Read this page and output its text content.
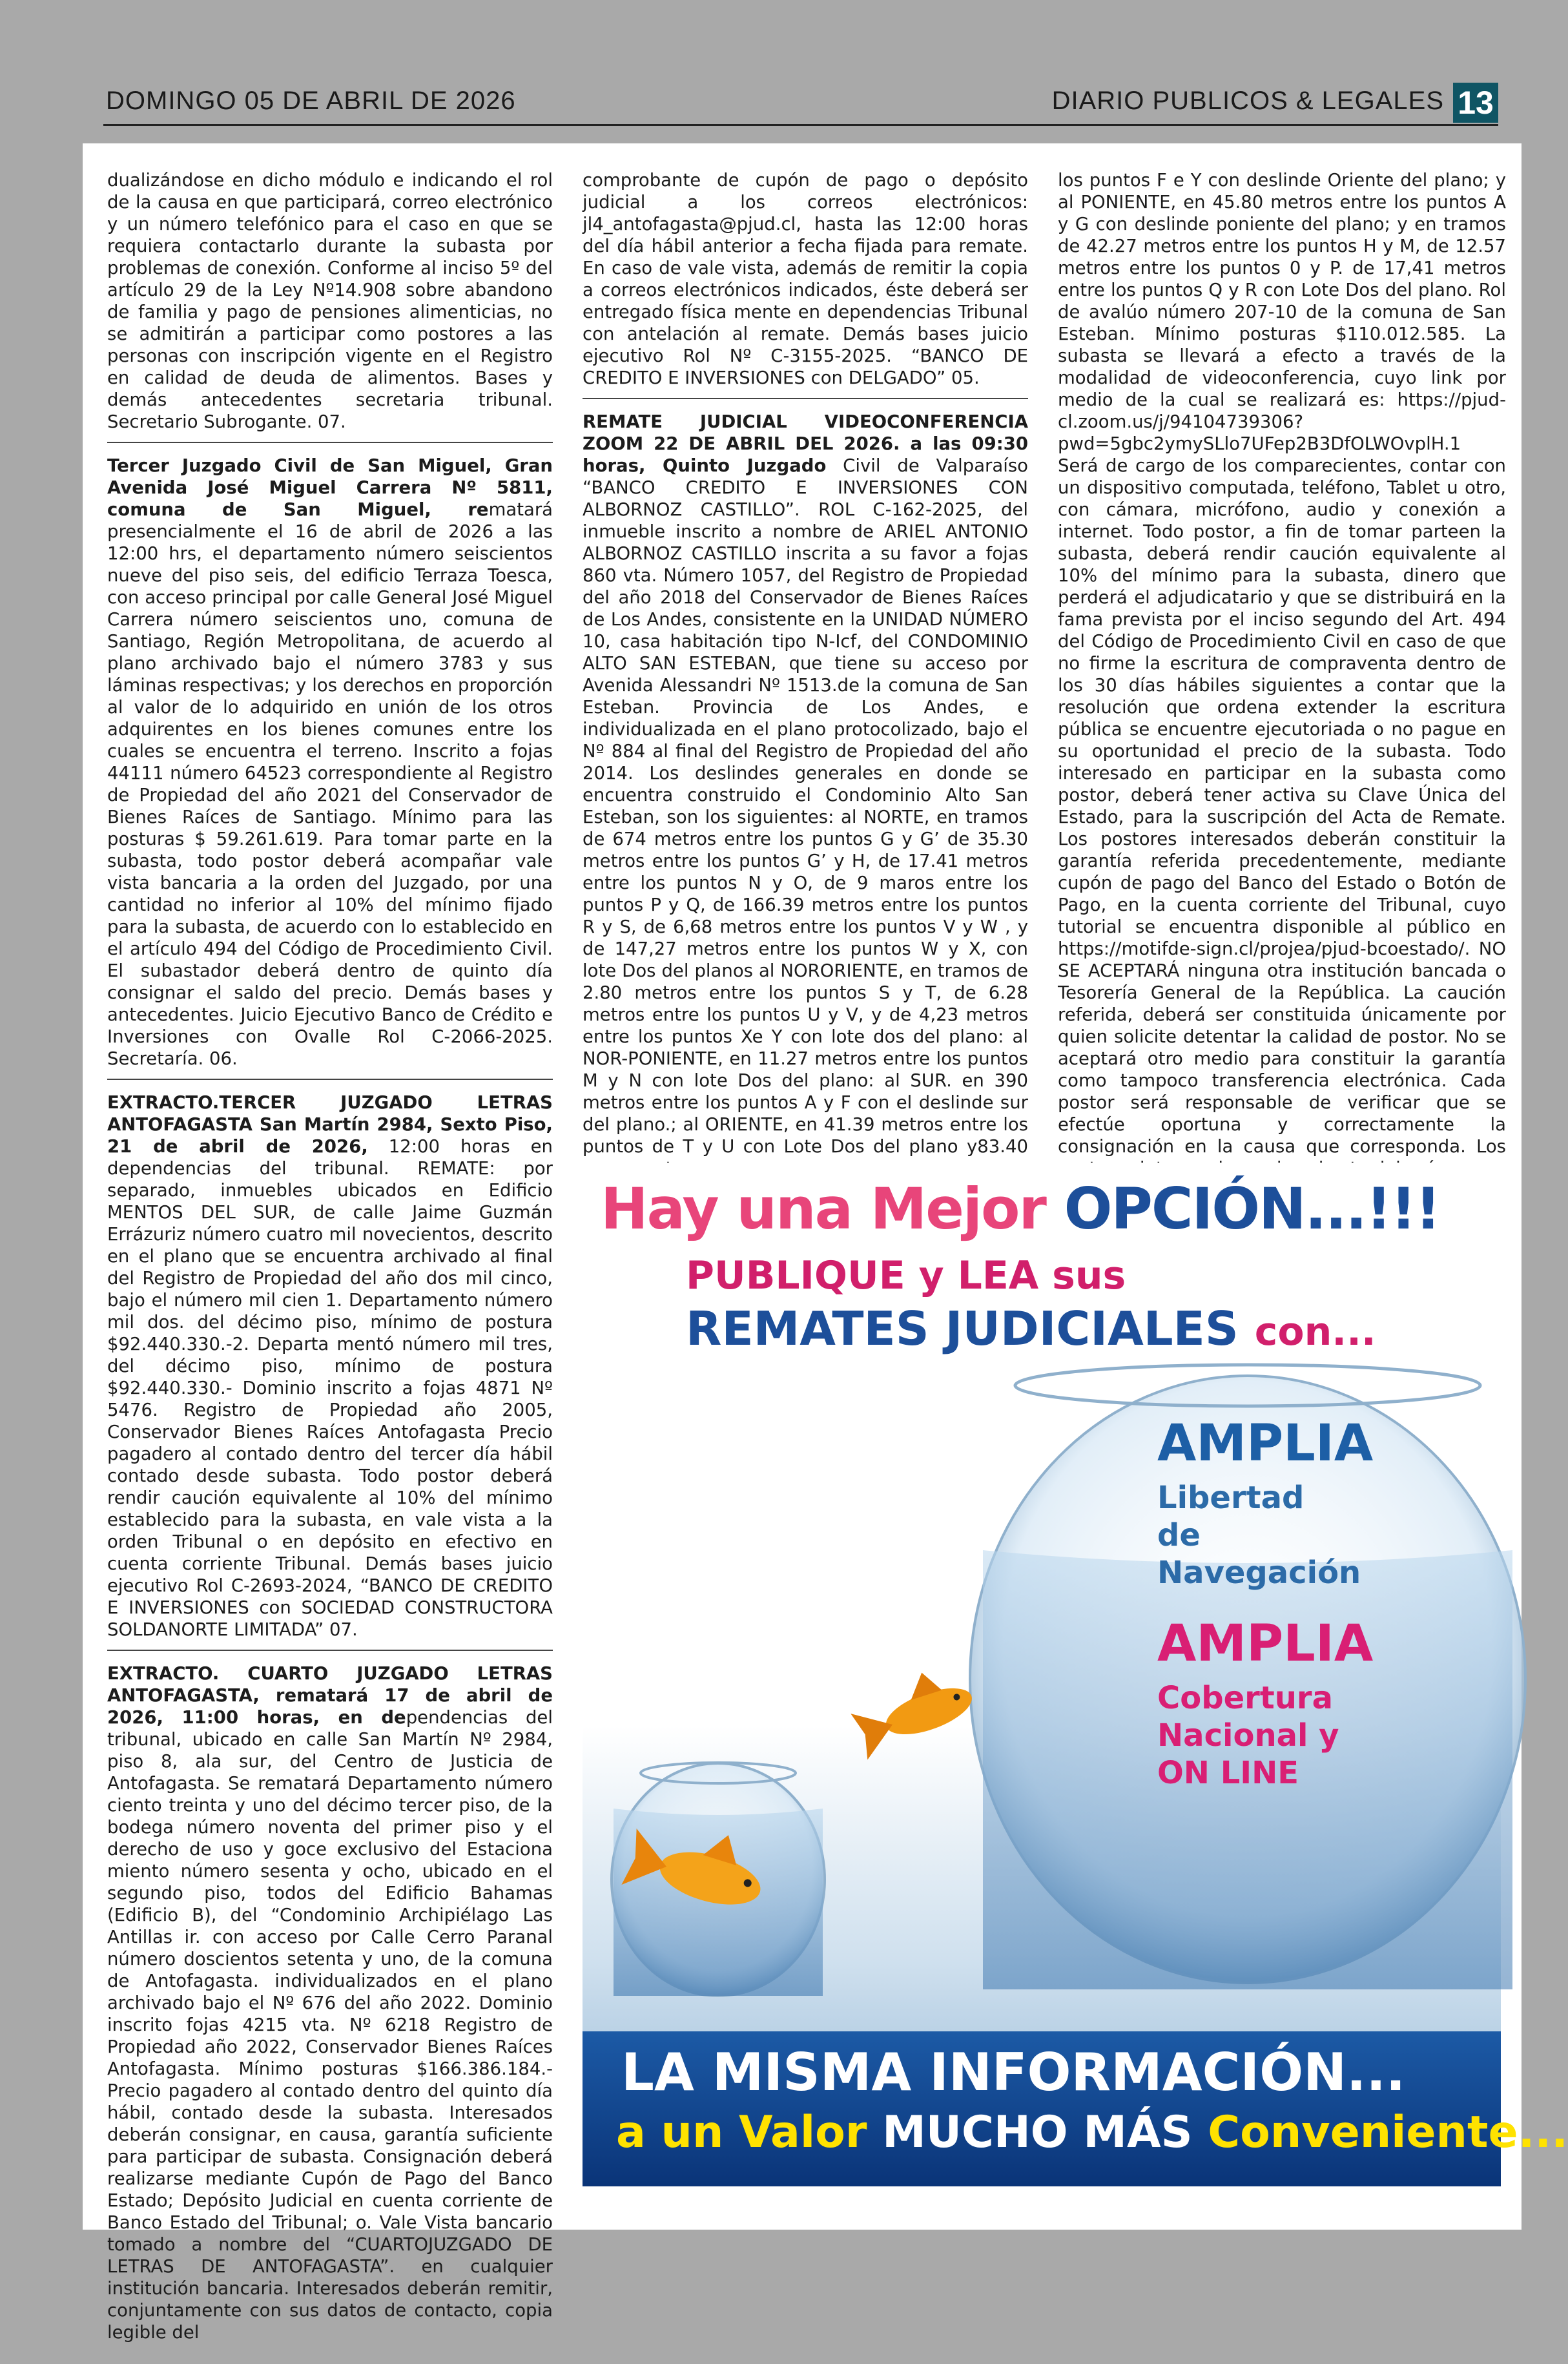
DOMINGO 05 DE ABRIL DE 2026	DIARIO PUBLICOS & LEGALES 13

dualizándose en dicho módulo e indicando el rol de la causa en que participará, correo electrónico y un número telefónico para el caso en que se requiera contactarlo durante la subasta por problemas de conexión. Conforme al inciso 5º del artículo 29 de la Ley Nº14.908 sobre abandono de familia y pago de pensiones alimenticias, no se admitirán a participar como postores a las personas con inscripción vigente en el Registro en calidad de deuda de alimentos. Bases y demás antecedentes secretaria tribunal. Secretario Subrogante. 07.

Tercer Juzgado Civil de San Miguel, Gran Avenida José Miguel Carrera Nº 5811, comuna de San Miguel, rematará presencialmente el 16 de abril de 2026 a las 12:00 hrs, el departamento número seiscientos nueve del piso seis, del edificio Terraza Toesca, con acceso principal por calle General José Miguel Carrera número seiscientos uno, comuna de Santiago, Región Metropolitana, de acuerdo al plano archivado bajo el número 3783 y sus láminas respectivas; y los derechos en proporción al valor de lo adquirido en unión de los otros adquirentes en los bienes comunes entre los cuales se encuentra el terreno. Inscrito a fojas 44111 número 64523 correspondiente al Registro de Propiedad del año 2021 del Conservador de Bienes Raíces de Santiago. Mínimo para las posturas $ 59.261.619. Para tomar parte en la subasta, todo postor deberá acompañar vale vista bancaria a la orden del Juzgado, por una cantidad no inferior al 10% del mínimo fijado para la subasta, de acuerdo con lo establecido en el artículo 494 del Código de Procedimiento Civil. El subastador deberá dentro de quinto día consignar el saldo del precio. Demás bases y antecedentes. Juicio Ejecutivo Banco de Crédito e Inversiones con Ovalle Rol C-2066-2025. Secretaría. 06.

EXTRACTO.TERCER JUZGADO LETRAS ANTOFAGASTA San Martín 2984, Sexto Piso, 21 de abril de 2026, 12:00 horas en dependencias del tribunal. REMATE: por separado, inmuebles ubicados en Edificio MENTOS DEL SUR, de calle Jaime Guzmán Errázuriz número cuatro mil novecientos, descrito en el plano que se encuentra archivado al final del Registro de Propiedad del año dos mil cinco, bajo el número mil cien 1. Departamento número mil dos. del décimo piso, mínimo de postura $92.440.330.-2. Departa mentó número mil tres, del décimo piso, mínimo de postura $92.440.330.- Dominio inscrito a fojas 4871 Nº 5476. Registro de Propiedad año 2005, Conservador Bienes Raíces Antofagasta Precio pagadero al contado dentro del tercer día hábil contado desde subasta. Todo postor deberá rendir caución equivalente al 10% del mínimo establecido para la subasta, en vale vista a la orden Tribunal o en depósito en efectivo en cuenta corriente Tribunal. Demás bases juicio ejecutivo Rol C-2693-2024, “BANCO DE CREDITO E INVERSIONES con SOCIEDAD CONSTRUCTORA SOLDANORTE LIMITADA” 07.

EXTRACTO. CUARTO JUZGADO LETRAS ANTOFAGASTA, rematará 17 de abril de 2026, 11:00 horas, en dependencias del tribunal, ubicado en calle San Martín Nº 2984, piso 8, ala sur, del Centro de Justicia de Antofagasta. Se rematará Departamento número ciento treinta y uno del décimo tercer piso, de la bodega número noventa del primer piso y el derecho de uso y goce exclusivo del Estaciona miento número sesenta y ocho, ubicado en el segundo piso, todos del Edificio Bahamas (Edificio B), del “Condominio Archipiélago Las Antillas ir. con acceso por Calle Cerro Paranal número doscientos setenta y uno, de la comuna de Antofagasta. individualizados en el plano archivado bajo el Nº 676 del año 2022. Dominio inscrito fojas 4215 vta. Nº 6218 Registro de Propiedad año 2022, Conservador Bienes Raíces Antofagasta. Mínimo posturas $166.386.184.- Precio pagadero al contado dentro del quinto día hábil, contado desde la subasta. Interesados deberán consignar, en causa, garantía suficiente para participar de subasta. Consignación deberá realizarse mediante Cupón de Pago del Banco Estado; Depósito Judicial en cuenta corriente de Banco Estado del Tribunal; o. Vale Vista bancario tomado a nombre del “CUARTOJUZGADO DE LETRAS DE ANTOFAGASTA”. en cualquier institución bancaria. Interesados deberán remitir, conjuntamente con sus datos de contacto, copia legible del

comprobante de cupón de pago o depósito judicial a los correos electrónicos: jl4_antofagasta@pjud.cl, hasta las 12:00 horas del día hábil anterior a fecha fijada para remate. En caso de vale vista, además de remitir la copia a correos electrónicos indicados, éste deberá ser entregado física mente en dependencias Tribunal con antelación al remate. Demás bases juicio ejecutivo Rol Nº C-3155-2025. “BANCO DE CREDITO E INVERSIONES con DELGADO” 05.

REMATE JUDICIAL VIDEOCONFERENCIA ZOOM 22 DE ABRIL DEL 2026. a las 09:30 horas, Quinto Juzgado Civil de Valparaíso “BANCO CREDITO E INVERSIONES CON ALBORNOZ CASTILLO”. ROL C-162-2025, del inmueble inscrito a nombre de ARIEL ANTONIO ALBORNOZ CASTILLO inscrita a su favor a fojas 860 vta. Número 1057, del Registro de Propiedad del año 2018 del Conservador de Bienes Raíces de Los Andes, consistente en la UNIDAD NÚMERO 10, casa habitación tipo N-Icf, del CONDOMINIO ALTO SAN ESTEBAN, que tiene su acceso por Avenida Alessandri Nº 1513.de la comuna de San Esteban. Provincia de Los Andes, e individualizada en el plano protocolizado, bajo el Nº 884 al final del Registro de Propiedad del año 2014. Los deslindes generales en donde se encuentra construido el Condominio Alto San Esteban, son los siguientes: al NORTE, en tramos de 674 metros entre los puntos G y G’ de 35.30 metros entre los puntos G’ y H, de 17.41 metros entre los puntos N y O, de 9 maros entre los puntos P y Q, de 166.39 metros entre los puntos R y S, de 6,68 metros entre los puntos V y W , y de 147,27 metros entre los puntos W y X, con lote Dos del planos al NORORIENTE, en tramos de 2.80 metros entre los puntos S y T, de 6.28 metros entre los puntos U y V, y de 4,23 metros entre los puntos Xe Y con lote dos del plano: al NOR-PONIENTE, en 11.27 metros entre los puntos M y N con lote Dos del plano: al SUR. en 390 metros entre los puntos A y F con el deslinde sur del plano.; al ORIENTE, en 41.39 metros entre los puntos de T y U con Lote Dos del plano y83.40

los puntos F e Y con deslinde Oriente del plano; y al PONIENTE, en 45.80 metros entre los puntos A y G con deslinde poniente del plano; y en tramos de 42.27 metros entre los puntos H y M, de 12.57 metros entre los puntos 0 y P. de 17,41 metros entre los puntos Q y R con Lote Dos del plano. Rol de avalúo número 207-10 de la comuna de San Esteban. Mínimo posturas $110.012.585. La subasta se llevará a efecto a través de la modalidad de videoconferencia, cuyo link por medio de la cual se realizará es: https://pjud-cl.zoom.us/j/94104739306?pwd=5gbc2ymySLlo7UFep2B3DfOLWOvplH.1 Será de cargo de los comparecientes, contar con un dispositivo computada, teléfono, Tablet u otro, con cámara, micrófono, audio y conexión a internet. Todo postor, a fin de tomar parteen la subasta, deberá rendir caución equivalente al 10% del mínimo para la subasta, dinero que perderá el adjudicatario y que se distribuirá en la fama prevista por el inciso segundo del Art. 494 del Código de Procedimiento Civil en caso de que no firme la escritura de compraventa dentro de los 30 días hábiles siguientes a contar que la resolución que ordena extender la escritura pública se encuentre ejecutoriada o no pague en su oportunidad el precio de la subasta. Todo interesado en participar en la subasta como postor, deberá tener activa su Clave Única del Estado, para la suscripción del Acta de Remate. Los postores interesados deberán constituir la garantía referida precedentemente, mediante cupón de pago del Banco del Estado o Botón de Pago, en la cuenta corriente del Tribunal, cuyo tutorial se encuentra disponible al público en https://motifde-sign.cl/projea/pjud-bcoestado/. NO SE ACEPTARÁ ninguna otra institución bancada o Tesorería General de la República. La caución referida, deberá ser constituida únicamente por quien solicite detentar la calidad de postor. No se aceptará otro medio para constituir la garantía como tampoco transferencia electrónica. Cada postor será responsable de verificar que se efectúe oportuna y correctamente la consignación en la causa que corresponda. Los

Hay una Mejor OPCIÓN...!!!
PUBLIQUE y LEA sus
REMATES JUDICIALES con...
AMPLIA
Libertad de Navegación
AMPLIA
Cobertura Nacional y ON LINE
LA MISMA INFORMACIÓN...
a un Valor MUCHO MÁS Conveniente...
